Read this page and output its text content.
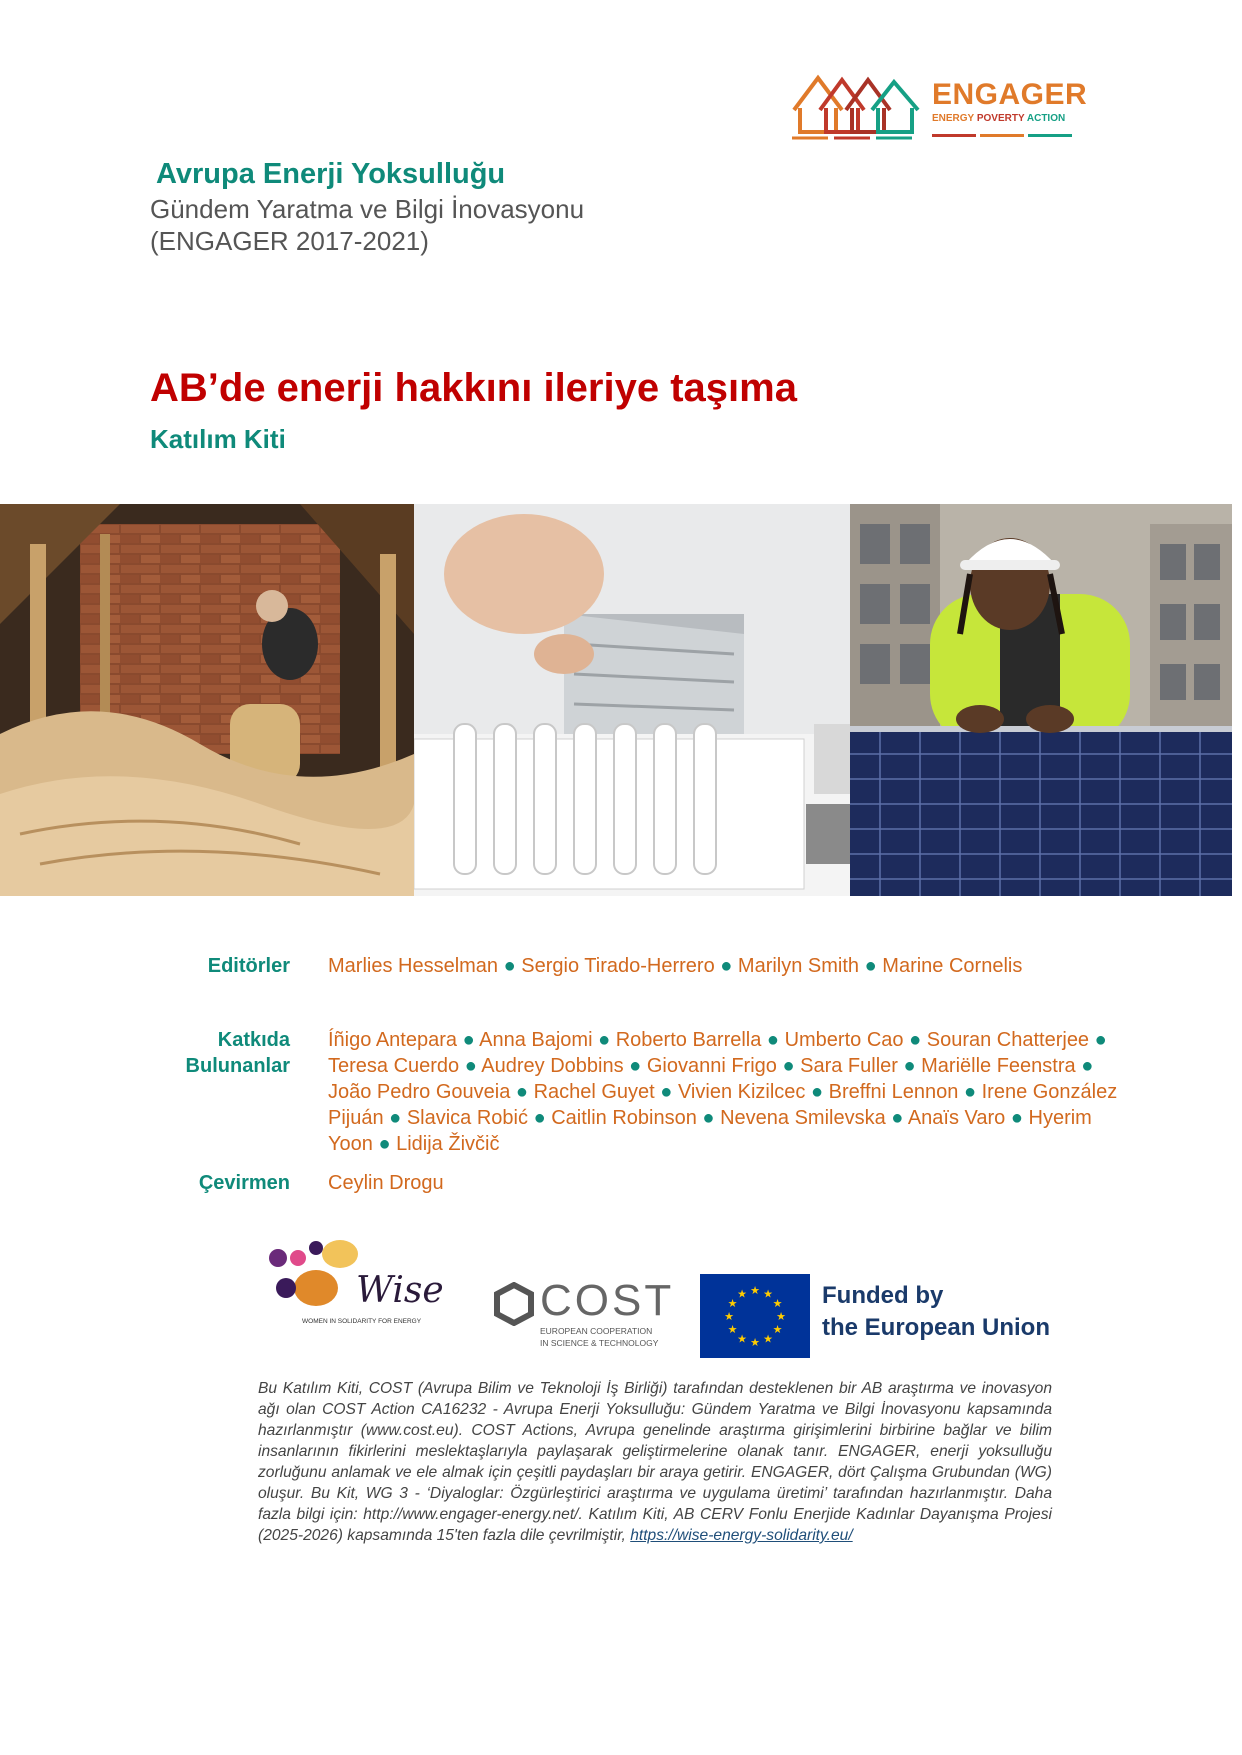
ENGAGER
ENERGY POVERTY ACTION
Avrupa Enerji Yoksulluğu
Gündem Yaratma ve Bilgi İnovasyonu
(ENGAGER 2017-2021)
AB’de enerji hakkını ileriye taşıma
Katılım Kiti
Editörler Marlies Hesselman ● Sergio Tirado-Herrero ● Marilyn Smith ● Marine Cornelis
Katkıda
Bulunanlar
Íñigo Antepara ● Anna Bajomi ● Roberto Barrella ● Umberto Cao ● Souran Chatterjee ● Teresa Cuerdo ● Audrey Dobbins ● Giovanni Frigo ● Sara Fuller ● Mariëlle Feenstra ● João Pedro Gouveia ● Rachel Guyet ● Vivien Kizilcec ● Breffni Lennon ● Irene González Pijuán ● Slavica Robić ● Caitlin Robinson ● Nevena Smilevska ● Anaïs Varo ● Hyerim Yoon ● Lidija Živčič
Çevirmen Ceylin Drogu
Wise
WOMEN IN SOLIDARITY FOR ENERGY	COST
EUROPEAN COOPERATION
IN SCIENCE & TECHNOLOGY
★ ★
★
★
★
★
★
★
★
★
★
★	Funded by
the European Union
Bu Katılım Kiti, COST (Avrupa Bilim ve Teknoloji İş Birliği) tarafından desteklenen bir AB araştırma ve inovasyon ağı olan COST Action CA16232 - Avrupa Enerji Yoksulluğu: Gündem Yaratma ve Bilgi İnovasyonu kapsamında hazırlanmıştır (www.cost.eu). COST Actions, Avrupa genelinde araştırma girişimlerini birbirine bağlar ve bilim insanlarının fikirlerini meslektaşlarıyla paylaşarak geliştirmelerine olanak tanır. ENGAGER, enerji yoksulluğu zorluğunu anlamak ve ele almak için çeşitli paydaşları bir araya getirir. ENGAGER, dört Çalışma Grubundan (WG) oluşur. Bu Kit, WG 3 - ‘Diyaloglar: Özgürleştirici araştırma ve uygulama üretimi’ tarafından hazırlanmıştır. Daha fazla bilgi için: http://www.engager-energy.net/. Katılım Kiti, AB CERV Fonlu Enerjide Kadınlar Dayanışma Projesi (2025-2026) kapsamında 15'ten fazla dile çevrilmiştir, https://wise-energy-solidarity.eu/
